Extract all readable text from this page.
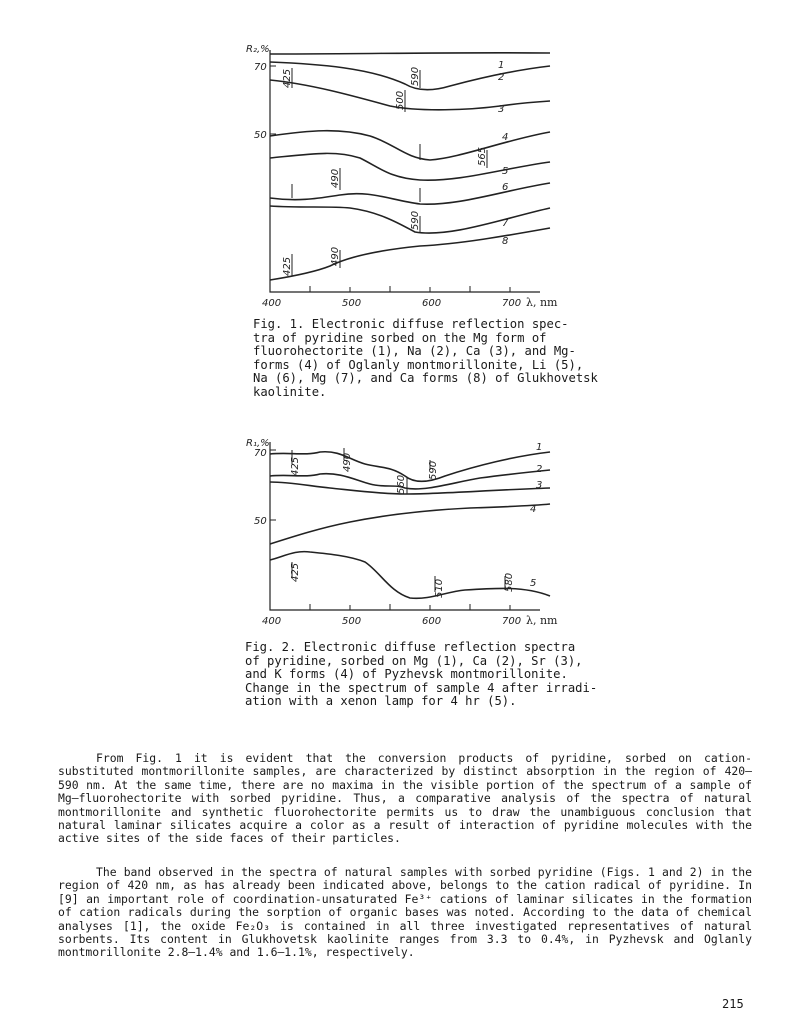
R₂,%
70
50
400	500	600	700 λ, nm
1
2
3
4
5
6
7
8
425	590
500
565
490
590
490
425
Fig. 1. Electronic diffuse reflection spec-
tra of pyridine sorbed on the Mg form of
fluorohectorite (1), Na (2), Ca (3), and Mg-
forms (4) of Oglanly montmorillonite, Li (5),
Na (6), Mg (7), and Ca forms (8) of Glukhovetsk
kaolinite.
R₁,%
70
50
400	500	600	700 λ, nm
1
2
3
4
5
425	490	590
560
425
510	580
Fig. 2. Electronic diffuse reflection spectra
of pyridine, sorbed on Mg (1), Ca (2), Sr (3),
and K forms (4) of Pyzhevsk montmorillonite.
Change in the spectrum of sample 4 after irradi-
ation with a xenon lamp for 4 hr (5).

From Fig. 1 it is evident that the conversion products of pyridine, sorbed on cation-substituted montmorillonite samples, are characterized by distinct absorption in the region of 420–590 nm. At the same time, there are no maxima in the visible portion of the spectrum of a sample of Mg—fluorohectorite with sorbed pyridine. Thus, a comparative analysis of the spectra of natural montmorillonite and synthetic fluorohectorite permits us to draw the unambiguous conclusion that natural laminar silicates acquire a color as a result of interaction of pyridine molecules with the active sites of the side faces of their particles.

The band observed in the spectra of natural samples with sorbed pyridine (Figs. 1 and 2) in the region of 420 nm, as has already been indicated above, belongs to the cation radical of pyridine. In [9] an important role of coordination-unsaturated Fe³⁺ cations of laminar silicates in the formation of cation radicals during the sorption of organic bases was noted. According to the data of chemical analyses [1], the oxide Fe₂O₃ is contained in all three investigated representatives of natural sorbents. Its content in Glukhovetsk kaolinite ranges from 3.3 to 0.4%, in Pyzhevsk and Oglanly montmorillonite 2.8–1.4% and 1.6–1.1%, respectively.

215
